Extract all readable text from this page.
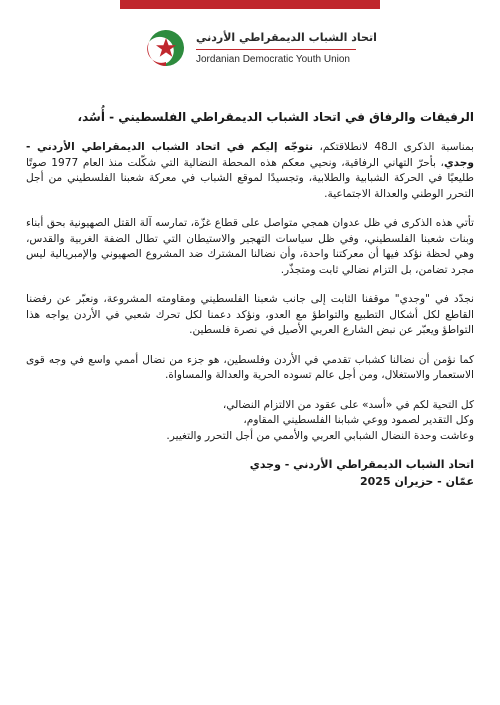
اتحاد الشباب الديمقراطي الأردني
Jordanian Democratic Youth Union
الرفيقات والرفاق في اتحاد الشباب الديمقراطي الفلسطيني - أُسُد،

بمناسبة الذكرى الـ48 لانطلاقتكم، نتوجّه إليكم في اتحاد الشباب الديمقراطي الأردني - وجدي، بأحرّ التهاني الرفاقية، ونحيي معكم هذه المحطة النضالية التي شكّلت منذ العام 1977 صوتًا طليعيًا في الحركة الشبابية والطلابية، وتجسيدًا لموقع الشباب في معركة شعبنا الفلسطيني من أجل التحرر الوطني والعدالة الاجتماعية.

تأتي هذه الذكرى في ظل عدوان همجي متواصل على قطاع غزّة، تمارسه آلة القتل الصهيونية بحق أبناء وبنات شعبنا الفلسطيني، وفي ظل سياسات التهجير والاستيطان التي تطال الضفة الغربية والقدس، وهي لحظة نؤكد فيها أن معركتنا واحدة، وأن نضالنا المشترك ضد المشروع الصهيوني والإمبريالية ليس مجرد تضامن، بل التزام نضالي ثابت ومتجذّر.

نجدّد في "وجدي" موقفنا الثابت إلى جانب شعبنا الفلسطيني ومقاومته المشروعة، ونعبّر عن رفضنا القاطع لكل أشكال التطبيع والتواطؤ مع العدو، ونؤكد دعمنا لكل تحرك شعبي في الأردن يواجه هذا التواطؤ ويعبّر عن نبض الشارع العربي الأصيل في نصرة فلسطين.

كما نؤمن أن نضالنا كشباب تقدمي في الأردن وفلسطين، هو جزء من نضال أممي واسع في وجه قوى الاستعمار والاستغلال، ومن أجل عالم تسوده الحرية والعدالة والمساواة.

كل التحية لكم في «أسد» على عقود من الالتزام النضالي،
وكل التقدير لصمود ووعي شبابنا الفلسطيني المقاوم،
وعاشت وحدة النضال الشبابي العربي والأممي من أجل التحرر والتغيير.
اتحاد الشباب الديمقراطي الأردني - وجدي
عمّان - حزيران 2025
